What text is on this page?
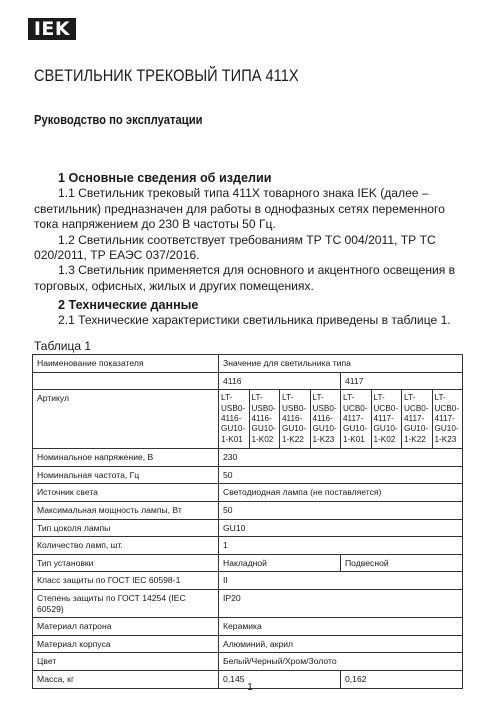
IEK
СВЕТИЛЬНИК ТРЕКОВЫЙ ТИПА 411Х
Руководство по эксплуатации
1 Основные сведения об изделии

1.1 Светильник трековый типа 411Х товарного знака IEK (далее – светильник) предназначен для работы в однофазных сетях переменного тока напряжением до 230 В частоты 50 Гц.

1.2 Светильник соответствует требованиям ТР ТС 004/2011, ТР ТС 020/2011, ТР ЕАЭС 037/2016.

1.3 Светильник применяется для основного и акцентного освещения в торговых, офисных, жилых и других помещениях.

2 Технические данные

2.1 Технические характеристики светильника приведены в таблице 1.

Таблица 1
Наименование показателя	Значение для светильника типа							
	4116				4117			
Артикул	LT-USB0-4116-GU10-1-K01	LT-USB0-4116-GU10-1-K02	LT-USB0-4116-GU10-1-K22	LT-USB0-4116-GU10-1-K23	LT-UCB0-4117-GU10-1-K01	LT-UCB0-4117-GU10-1-K02	LT-UCB0-4117-GU10-1-K22	LT-UCB0-4117-GU10-1-K23
Номинальное напряжение, В	230							
Номинальная частота, Гц	50							
Источник света	Светодиодная лампа (не поставляется)							
Максимальная мощность лампы, Вт	50							
Тип цоколя лампы	GU10							
Количество ламп, шт.	1							
Тип установки	Накладной				Подвесной			
Класс защиты по ГОСТ IEC 60598-1	II							
Степень защиты по ГОСТ 14254 (IEC 60529)	IP20							
Материал патрона	Керамика							
Материал корпуса	Алюминий, акрил							
Цвет	Белый/Черный/Хром/Золото							
Масса, кг	0,145				0,162			
1
